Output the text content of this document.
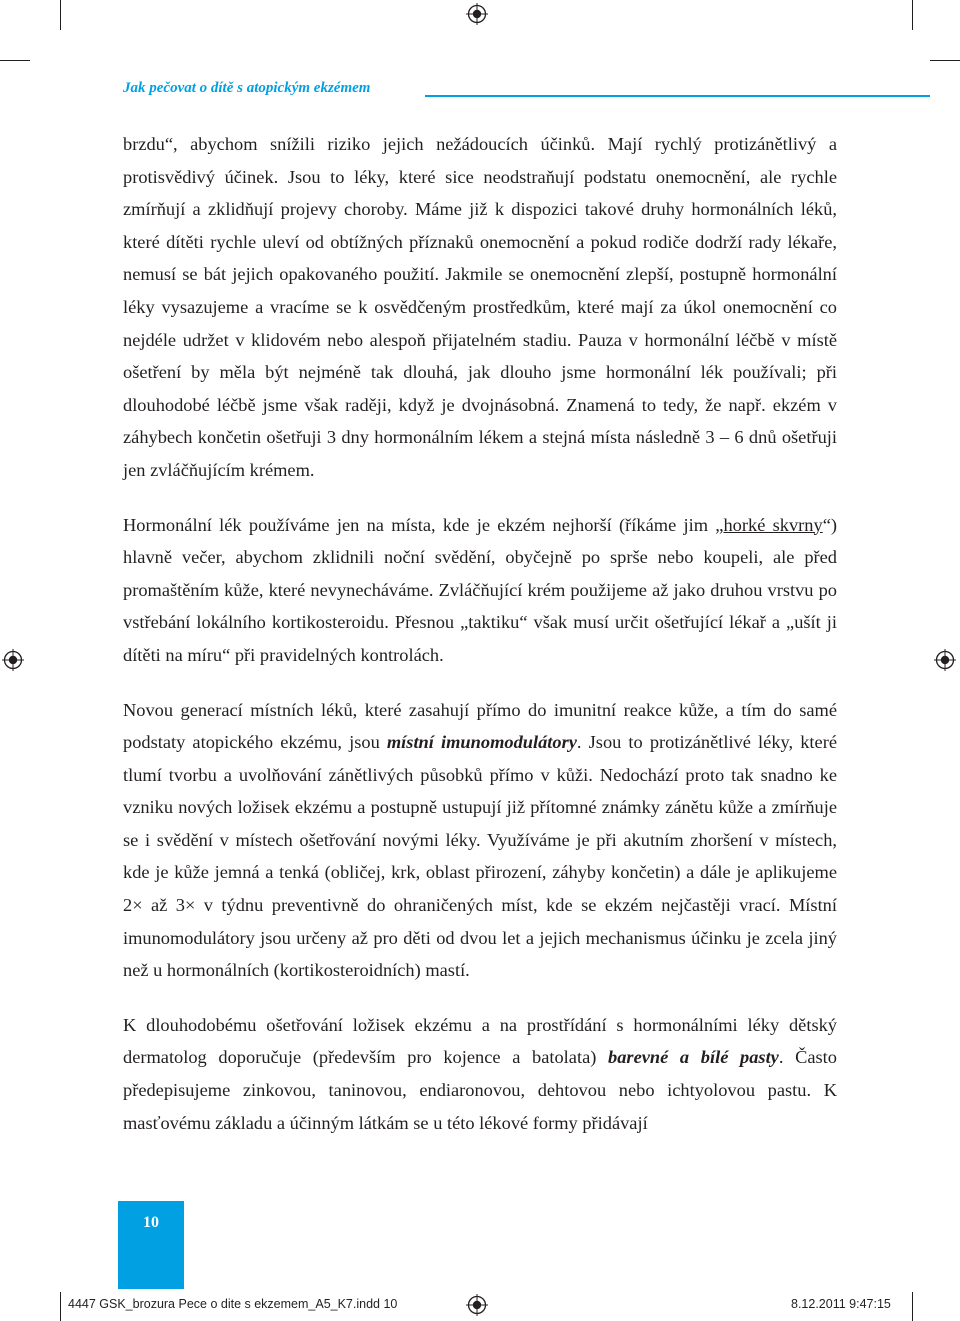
Jak pečovat o dítě s atopickým ekzémem

brzdu“, abychom snížili riziko jejich nežádoucích účinků. Mají rychlý protizánětlivý a protisvědivý účinek. Jsou to léky, které sice neodstraňují podstatu onemocnění, ale rychle zmírňují a zklidňují projevy choroby. Máme již k dispozici takové druhy hormonálních léků, které dítěti rychle uleví od obtížných příznaků onemocnění a pokud rodiče dodrží rady lékaře, nemusí se bát jejich opakovaného použití. Jakmile se onemocnění zlepší, postupně hormonální léky vysazujeme a vracíme se k osvědčeným prostředkům, které mají za úkol onemocnění co nejdéle udržet v klidovém nebo alespoň přijatelném stadiu. Pauza v hormonální léčbě v místě ošetření by měla být nejméně tak dlouhá, jak dlouho jsme hormonální lék používali; při dlouhodobé léčbě jsme však raději, když je dvojnásobná. Znamená to tedy, že např. ekzém v záhybech končetin ošetřuji 3 dny hormonálním lékem a stejná místa následně 3 – 6 dnů ošetřuji jen zvláčňujícím krémem.

Hormonální lék používáme jen na místa, kde je ekzém nejhorší (říkáme jim „horké skvrny“) hlavně večer, abychom zklidnili noční svědění, obyčejně po sprše nebo koupeli, ale před promaštěním kůže, které nevynecháváme. Zvláčňující krém použijeme až jako druhou vrstvu po vstřebání lokálního kortikosteroidu. Přesnou „taktiku“ však musí určit ošetřující lékař a „ušít ji dítěti na míru“ při pravidelných kontrolách.

Novou generací místních léků, které zasahují přímo do imunitní reakce kůže, a tím do samé podstaty atopického ekzému, jsou místní imunomodulátory. Jsou to protizánětlivé léky, které tlumí tvorbu a uvolňování zánětlivých působků přímo v kůži. Nedochází proto tak snadno ke vzniku nových ložisek ekzému a postupně ustupují již přítomné známky zánětu kůže a zmírňuje se i svědění v místech ošetřování novými léky. Využíváme je při akutním zhoršení v místech, kde je kůže jemná a tenká (obličej, krk, oblast přirození, záhyby končetin) a dále je aplikujeme 2× až 3× v týdnu preventivně do ohraničených míst, kde se ekzém nejčastěji vrací. Místní imunomodulátory jsou určeny až pro děti od dvou let a jejich mechanismus účinku je zcela jiný než u hormonálních (kortikosteroidních) mastí.

K dlouhodobému ošetřování ložisek ekzému a na prostřídání s hormonálními léky dětský dermatolog doporučuje (především pro kojence a batolata) barevné a bílé pasty. Často předepisujeme zinkovou, taninovou, endiaronovou, dehtovou nebo ichtyolovou pastu. K masťovému základu a účinným látkám se u této lékové formy přidávají

10
4447 GSK_brozura Pece o dite s ekzemem_A5_K7.indd 10	8.12.2011 9:47:15
